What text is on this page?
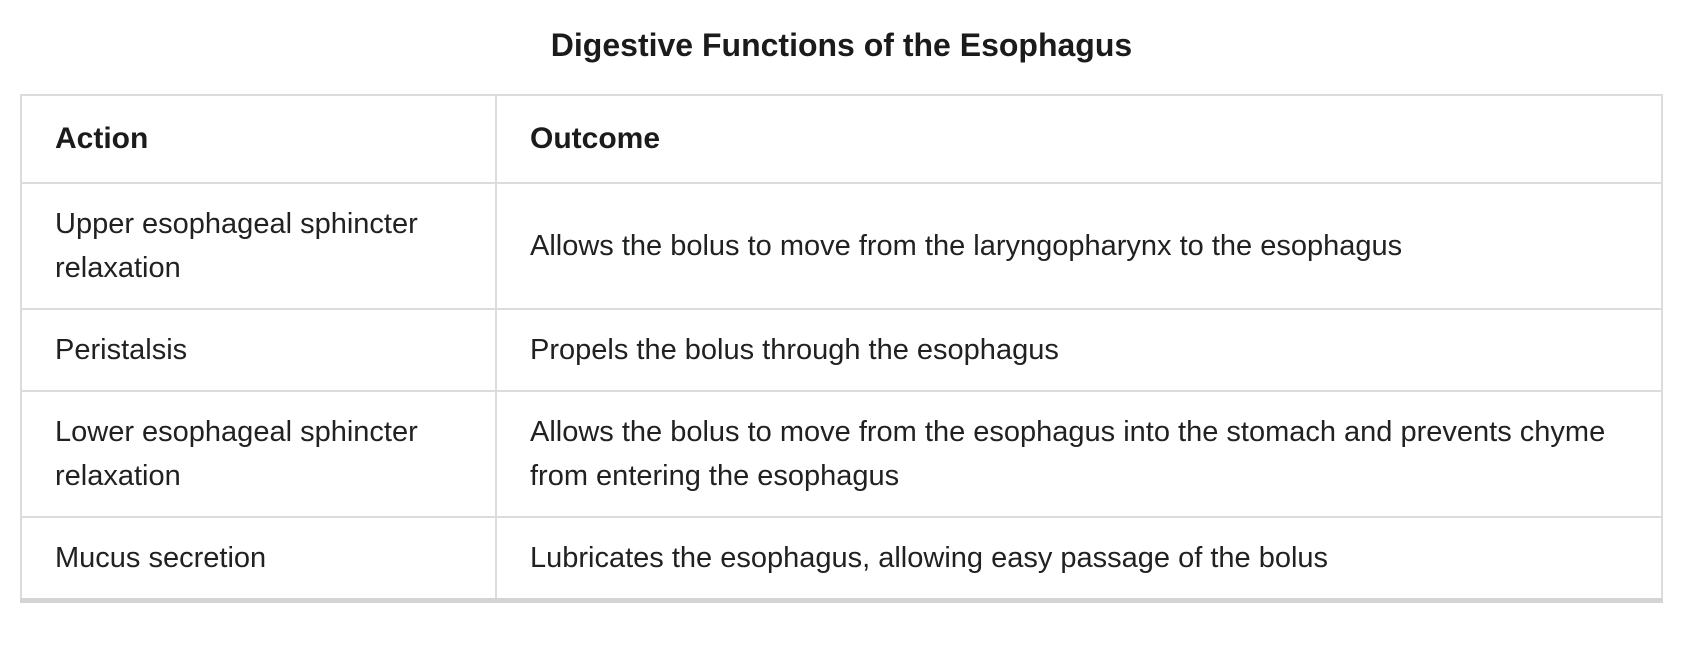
Digestive Functions of the Esophagus
Action	Outcome
Upper esophageal sphincter relaxation	Allows the bolus to move from the laryngopharynx to the esophagus
Peristalsis	Propels the bolus through the esophagus
Lower esophageal sphincter relaxation	Allows the bolus to move from the esophagus into the stomach and prevents chyme from entering the esophagus
Mucus secretion	Lubricates the esophagus, allowing easy passage of the bolus
